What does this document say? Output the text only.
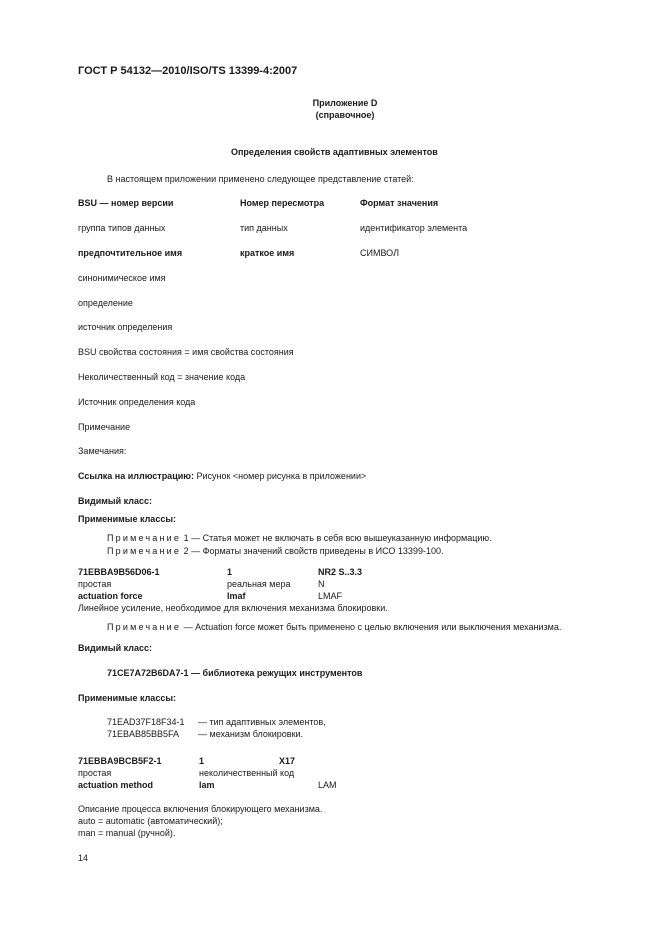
ГОСТ Р 54132—2010/ISO/TS 13399-4:2007
Приложение D
(справочное)
Определения свойств адаптивных элементов
В настоящем приложении применено следующее представление статей:
BSU — номер версии	Номер пересмотра	Формат значения
группа типов данных	тип данных	идентификатор элемента
предпочтительное имя	краткое имя	СИМВОЛ
синонимическое имя
определение
источник определения
BSU свойства состояния = имя свойства состояния
Неколичественный код = значение кода
Источник определения кода
Примечание
Замечания:
Ссылка на иллюстрацию: Рисунок <номер рисунка в приложении>
Видимый класс:
Применимые классы:
Примечание 1 — Статья может не включать в себя всю вышеуказанную информацию.
Примечание 2 — Форматы значений свойств приведены в ИСО 13399-100.
71EBBA9B56D06-1	1	NR2 S..3.3
простая	реальная мера	N
actuation force	lmaf	LMAF
Линейное усиление, необходимое для включения механизма блокировки.
Примечание — Actuation force может быть применено с целью включения или выключения механизма.
Видимый класс:
71CE7A72B6DA7-1 — библиотека режущих инструментов
Применимые классы:
71EAD37F18F34-1 — тип адаптивных элементов,
71EBAB85BB5FA — механизм блокировки.
71EBBA9BCB5F2-1	1	X17
простая	неколичественный код
actuation method	lam	LAM
Описание процесса включения блокирующего механизма.
auto = automatic (автоматический);
man = manual (ручной).
14
